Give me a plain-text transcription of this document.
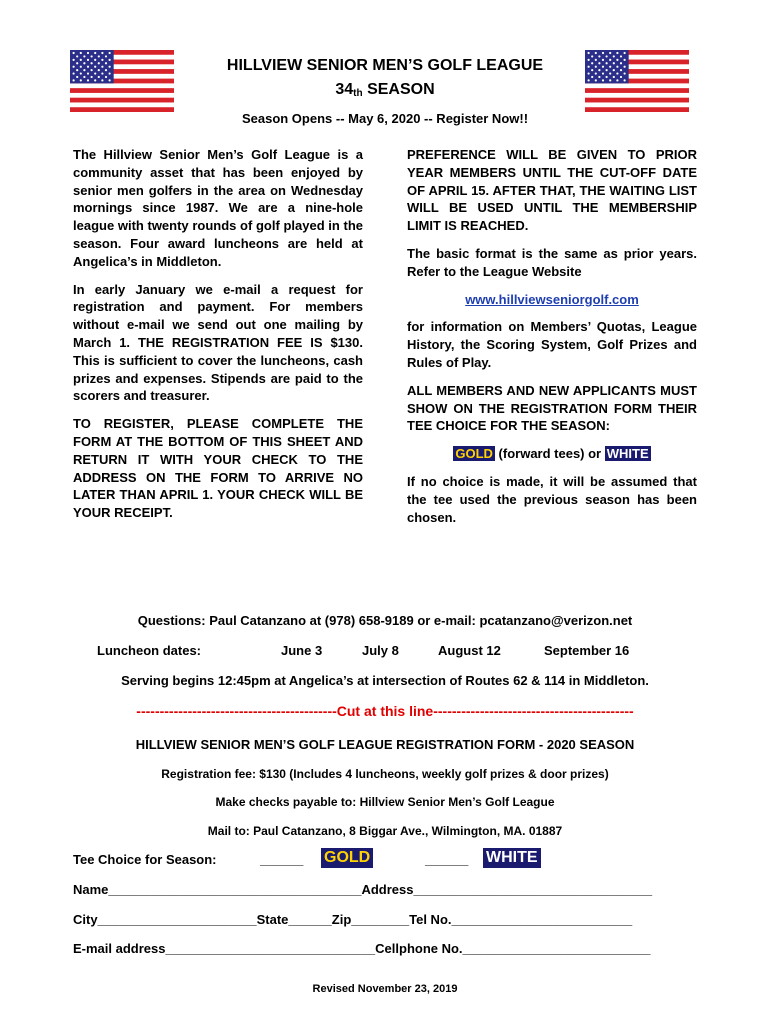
HILLVIEW SENIOR MEN’S GOLF LEAGUE
$34_{th}$ SEASON
Season Opens -- May 6, 2020 -- Register Now!!

The Hillview Senior Men’s Golf League is a community asset that has been enjoyed by senior men golfers in the area on Wednesday mornings since 1987. We are a nine-hole league with twenty rounds of golf played in the season. Four award luncheons are held at Angelica’s in Middleton.

In early January we e-mail a request for registration and payment. For members without e-mail we send out one mailing by March 1. THE REGISTRATION FEE IS $130. This is sufficient to cover the luncheons, cash prizes and expenses. Stipends are paid to the scorers and treasurer.

TO REGISTER, PLEASE COMPLETE THE FORM AT THE BOTTOM OF THIS SHEET AND RETURN IT WITH YOUR CHECK TO THE ADDRESS ON THE FORM TO ARRIVE NO LATER THAN APRIL 1. YOUR CHECK WILL BE YOUR RECEIPT.

PREFERENCE WILL BE GIVEN TO PRIOR YEAR MEMBERS UNTIL THE CUT-OFF DATE OF APRIL 15. AFTER THAT, THE WAITING LIST WILL BE USED UNTIL THE MEMBERSHIP LIMIT IS REACHED.

The basic format is the same as prior years. Refer to the League Website

www.hillviewseniorgolf.com

for information on Members’ Quotas, League History, the Scoring System, Golf Prizes and Rules of Play.

ALL MEMBERS AND NEW APPLICANTS MUST SHOW ON THE REGISTRATION FORM THEIR TEE CHOICE FOR THE SEASON:

GOLD (forward tees) or WHITE

If no choice is made, it will be assumed that the tee used the previous season has been chosen.

Questions: Paul Catanzano at (978) 658-9189 or e-mail: pcatanzano@verizon.net
Luncheon dates:	June 3	July 8	August 12	September 16
Serving begins 12:45pm at Angelica’s at intersection of Routes 62 & 114 in Middleton.
-------------------------------------------Cut at this line-------------------------------------------
HILLVIEW SENIOR MEN’S GOLF LEAGUE REGISTRATION FORM - 2020 SEASON
Registration fee: $130 (Includes 4 luncheons, weekly golf prizes & door prizes)
Make checks payable to: Hillview Senior Men’s Golf League
Mail to: Paul Catanzano, 8 Biggar Ave., Wilmington, MA. 01887
Tee Choice for Season:	______ GOLD	______ WHITE
Name___________________________________Address_________________________________
City______________________State______Zip________Tel No._________________________
E-mail address_____________________________Cellphone No.__________________________
Revised November 23, 2019
